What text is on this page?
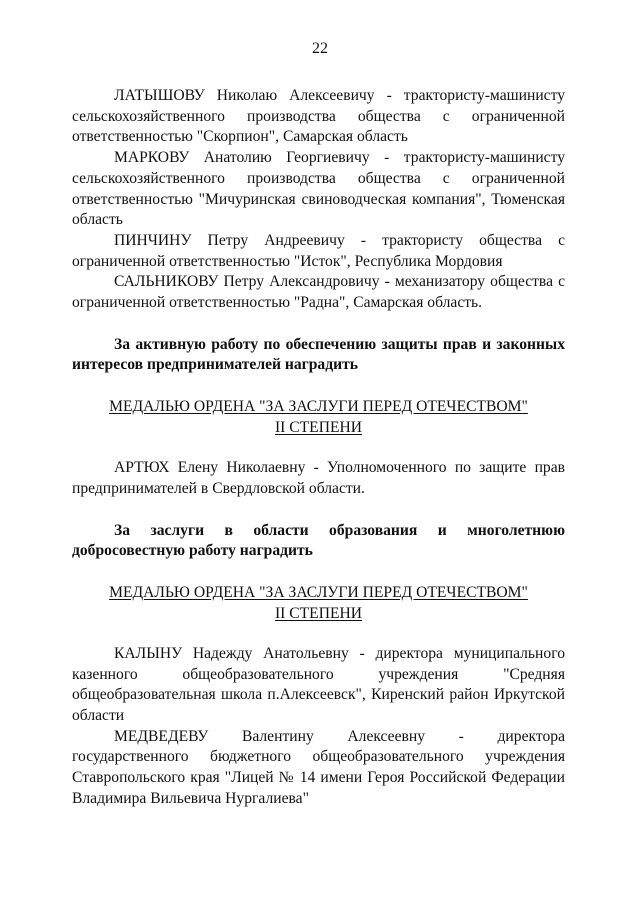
22
ЛАТЫШОВУ Николаю Алексеевичу - трактористу-машинисту сельскохозяйственного производства общества с ограниченной ответственностью "Скорпион", Самарская область
МАРКОВУ Анатолию Георгиевичу - трактористу-машинисту сельскохозяйственного производства общества с ограниченной ответственностью "Мичуринская свиноводческая компания", Тюменская область
ПИНЧИНУ Петру Андреевичу - трактористу общества с ограниченной ответственностью "Исток", Республика Мордовия
САЛЬНИКОВУ Петру Александровичу - механизатору общества с ограниченной ответственностью "Радна", Самарская область.
За активную работу по обеспечению защиты прав и законных интересов предпринимателей наградить
МЕДАЛЬЮ ОРДЕНА "ЗА ЗАСЛУГИ ПЕРЕД ОТЕЧЕСТВОМ"
II СТЕПЕНИ
АРТЮХ Елену Николаевну - Уполномоченного по защите прав предпринимателей в Свердловской области.
За заслуги в области образования и многолетнюю добросовестную работу наградить
МЕДАЛЬЮ ОРДЕНА "ЗА ЗАСЛУГИ ПЕРЕД ОТЕЧЕСТВОМ"
II СТЕПЕНИ
КАЛЫНУ Надежду Анатольевну - директора муниципального казенного общеобразовательного учреждения "Средняя общеобразовательная школа п.Алексеевск", Киренский район Иркутской области
МЕДВЕДЕВУ Валентину Алексеевну - директора государственного бюджетного общеобразовательного учреждения Ставропольского края "Лицей № 14 имени Героя Российской Федерации Владимира Вильевича Нургалиева"
